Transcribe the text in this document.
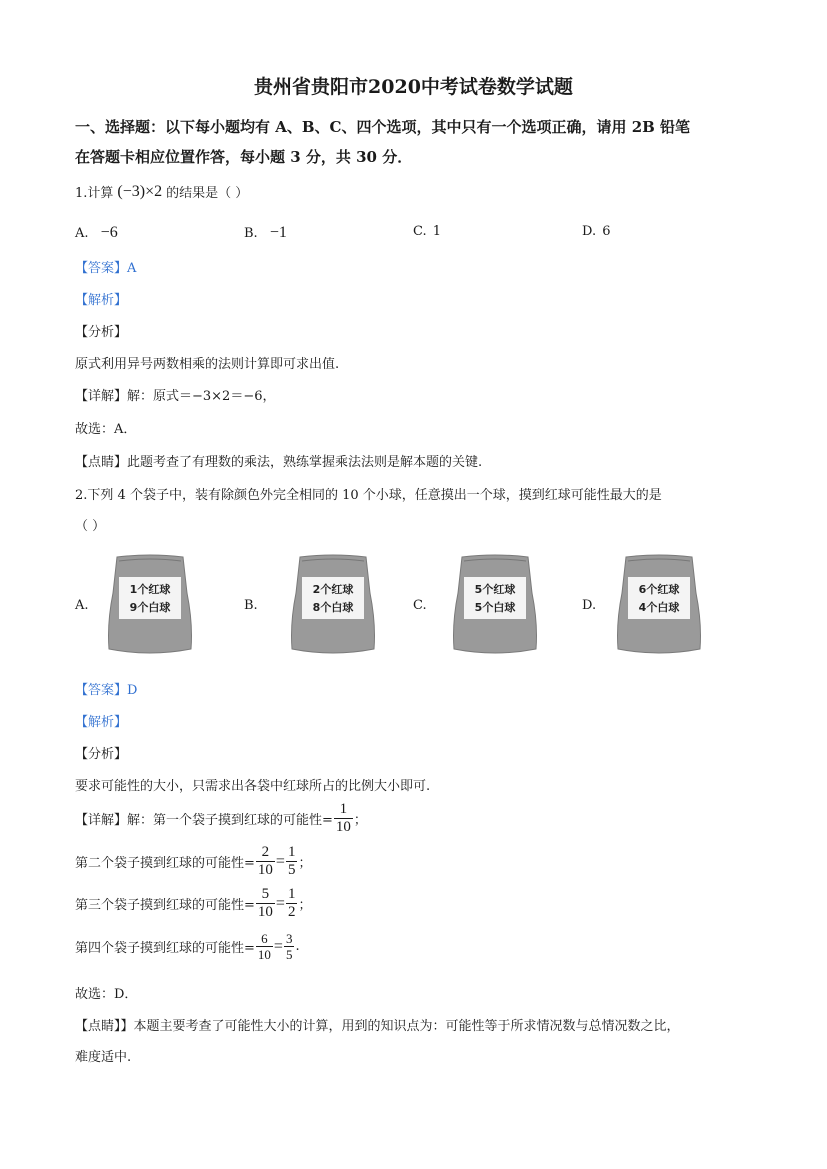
贵州省贵阳市2020中考试卷数学试题
一、选择题：以下每小题均有 A、B、C、四个选项，其中只有一个选项正确，请用 2B 铅笔
在答题卡相应位置作答，每小题 3 分，共 30 分．
1.计算 (−3)×2 的结果是（ ）
A. −6	B. −1	C. 1	D. 6
【答案】A
【解析】
【分析】
原式利用异号两数相乘的法则计算即可求出值.
【详解】解：原式＝−3×2＝−6，
故选：A．
【点睛】此题考查了有理数的乘法，熟练掌握乘法法则是解本题的关键.
2.下列 4 个袋子中，装有除颜色外完全相同的 10 个小球，任意摸出一个球，摸到红球可能性最大的是
（ ）
A.	B.	C.	D.
1个红球
9个白球
2个红球
8个白球
5个红球
5个白球
6个红球
4个白球
【答案】D
【解析】
【分析】
要求可能性的大小，只需求出各袋中红球所占的比例大小即可.
【详解】解：第一个袋子摸到红球的可能性= $\frac{1}{10}$ ；
第二个袋子摸到红球的可能性= $\frac{2}{10} = \frac{1}{5}$ ；
第三个袋子摸到红球的可能性= $\frac{5}{10} = \frac{1}{2}$ ；
第四个袋子摸到红球的可能性= $\frac{6}{10} = \frac{3}{5}$ .
故选：D．
【点睛】】本题主要考查了可能性大小的计算，用到的知识点为：可能性等于所求情况数与总情况数之比，
难度适中.
